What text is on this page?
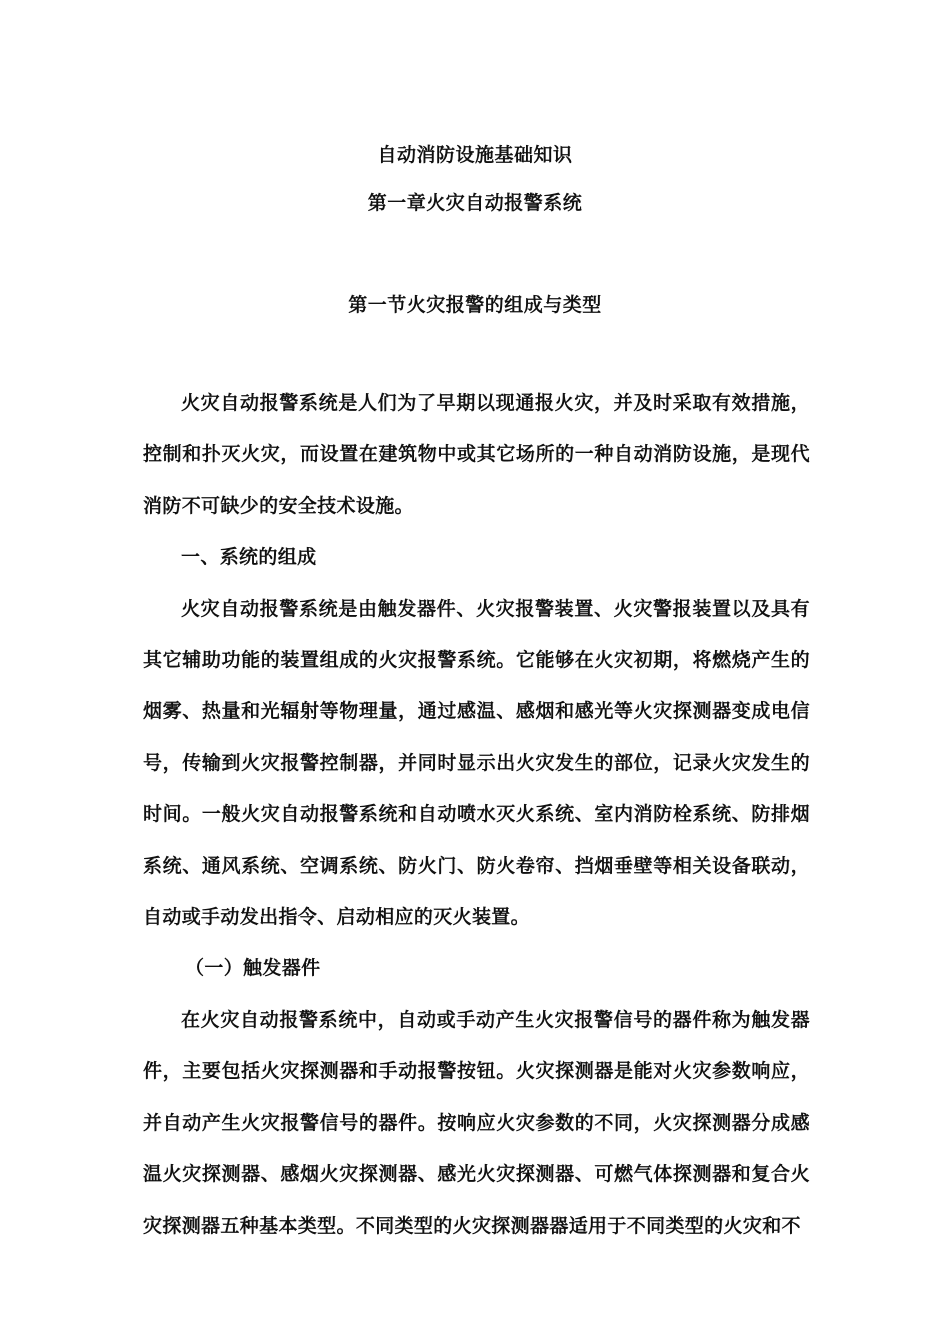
自动消防设施基础知识
第一章火灾自动报警系统
第一节火灾报警的组成与类型

火灾自动报警系统是人们为了早期以现通报火灾，并及时采取有效措施，控制和扑灭火灾，而设置在建筑物中或其它场所的一种自动消防设施，是现代消防不可缺少的安全技术设施。

一、系统的组成

火灾自动报警系统是由触发器件、火灾报警装置、火灾警报装置以及具有其它辅助功能的装置组成的火灾报警系统。它能够在火灾初期，将燃烧产生的烟雾、热量和光辐射等物理量，通过感温、感烟和感光等火灾探测器变成电信号，传输到火灾报警控制器，并同时显示出火灾发生的部位，记录火灾发生的时间。一般火灾自动报警系统和自动喷水灭火系统、室内消防栓系统、防排烟系统、通风系统、空调系统、防火门、防火卷帘、挡烟垂壁等相关设备联动，自动或手动发出指令、启动相应的灭火装置。

（一）触发器件

在火灾自动报警系统中，自动或手动产生火灾报警信号的器件称为触发器件，主要包括火灾探测器和手动报警按钮。火灾探测器是能对火灾参数响应，并自动产生火灾报警信号的器件。按响应火灾参数的不同，火灾探测器分成感温火灾探测器、感烟火灾探测器、感光火灾探测器、可燃气体探测器和复合火灾探测器五种基本类型。不同类型的火灾探测器器适用于不同类型的火灾和不
